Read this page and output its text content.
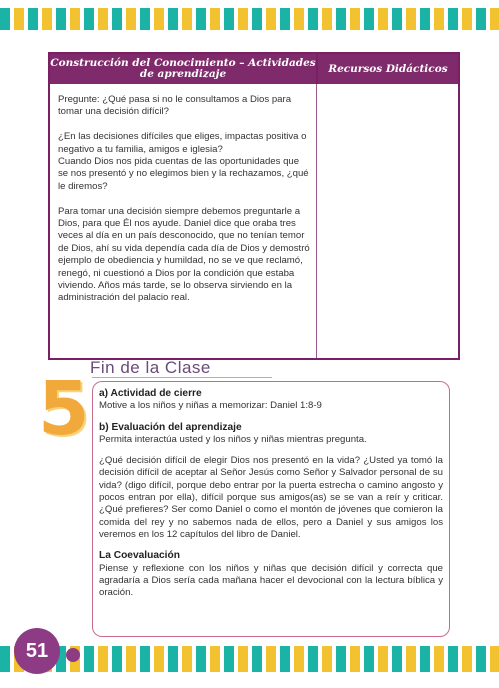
Construcción del Conocimiento – Actividades de aprendizaje	Recursos Didácticos

Pregunte: ¿Qué pasa si no le consultamos a Dios para tomar una decisión difícil?

¿En las decisiones difíciles que eliges, impactas positiva o negativo a tu familia, amigos e iglesia?

Cuando Dios nos pida cuentas de las oportunidades que se nos presentó y no elegimos bien y la rechazamos, ¿qué le diremos?

Para tomar una decisión siempre debemos preguntarle a Dios, para que Él nos ayude. Daniel dice que oraba tres veces al día en un país desconocido, que no tenían temor de Dios, ahí su vida dependía cada día de Dios y demostró ejemplo de obediencia y humildad, no se ve que reclamó, renegó, ni cuestionó a Dios por la condición que estaba viviendo. Años más tarde, se lo observa sirviendo en la administración del palacio real.

5 Fin de la Clase

a) Actividad de cierre

Motive a los niños y niñas a memorizar: Daniel 1:8-9

b) Evaluación del aprendizaje

Permita interactúa usted y los niños y niñas mientras pregunta.

¿Qué decisión difícil de elegir Dios nos presentó en la vida? ¿Usted ya tomó la decisión difícil de aceptar al Señor Jesús como Señor y Salvador personal de su vida? (digo difícil, porque debo entrar por la puerta estrecha o camino angosto y pocos entran por ella), difícil porque sus amigos(as) se se van a reír y criticar. ¿Qué prefieres? Ser como Daniel o como el montón de jóvenes que comieron la comida del rey y no sabemos nada de ellos, pero a Daniel y sus amigos los veremos en los 12 capítulos del libro de Daniel.

La Coevaluación

Piense y reflexione con los niños y niñas que decisión difícil y correcta que agradaría a Dios sería cada mañana hacer el devocional con la lectura bíblica y oración.

51
